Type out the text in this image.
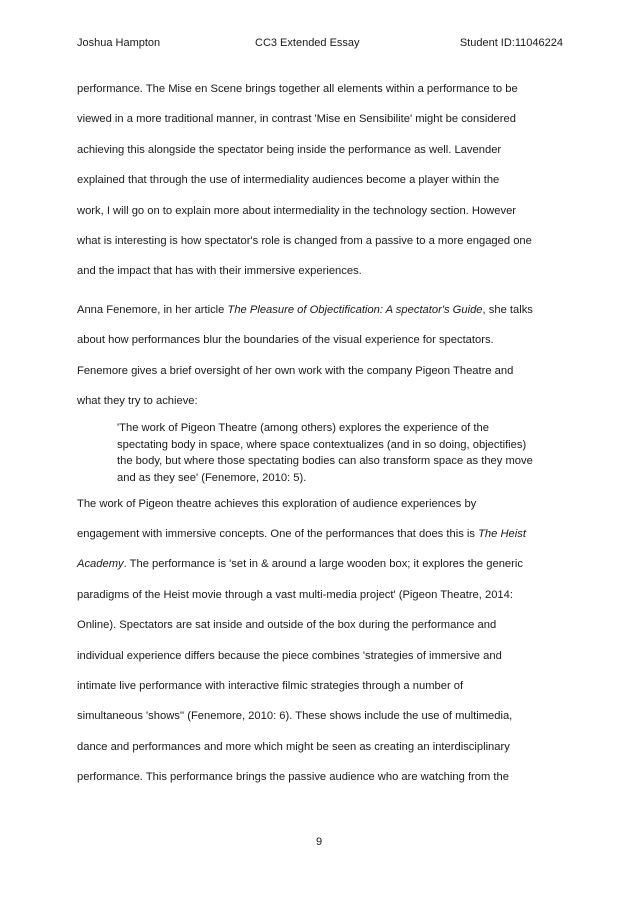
Joshua Hampton	CC3 Extended Essay	Student ID:11046224
performance. The Mise en Scene brings together all elements within a performance to be
viewed in a more traditional manner, in contrast 'Mise en Sensibilite' might be considered
achieving this alongside the spectator being inside the performance as well. Lavender
explained that through the use of intermediality audiences become a player within the
work, I will go on to explain more about intermediality in the technology section. However
what is interesting is how spectator's role is changed from a passive to a more engaged one
and the impact that has with their immersive experiences.
Anna Fenemore, in her article The Pleasure of Objectification: A spectator's Guide, she talks
about how performances blur the boundaries of the visual experience for spectators.
Fenemore gives a brief oversight of her own work with the company Pigeon Theatre and
what they try to achieve:
'The work of Pigeon Theatre (among others) explores the experience of the
spectating body in space, where space contextualizes (and in so doing, objectifies)
the body, but where those spectating bodies can also transform space as they move
and as they see' (Fenemore, 2010: 5).
The work of Pigeon theatre achieves this exploration of audience experiences by
engagement with immersive concepts. One of the performances that does this is The Heist
Academy. The performance is 'set in & around a large wooden box; it explores the generic
paradigms of the Heist movie through a vast multi-media project' (Pigeon Theatre, 2014:
Online). Spectators are sat inside and outside of the box during the performance and
individual experience differs because the piece combines 'strategies of immersive and
intimate live performance with interactive filmic strategies through a number of
simultaneous 'shows'' (Fenemore, 2010: 6). These shows include the use of multimedia,
dance and performances and more which might be seen as creating an interdisciplinary
performance. This performance brings the passive audience who are watching from the
9
